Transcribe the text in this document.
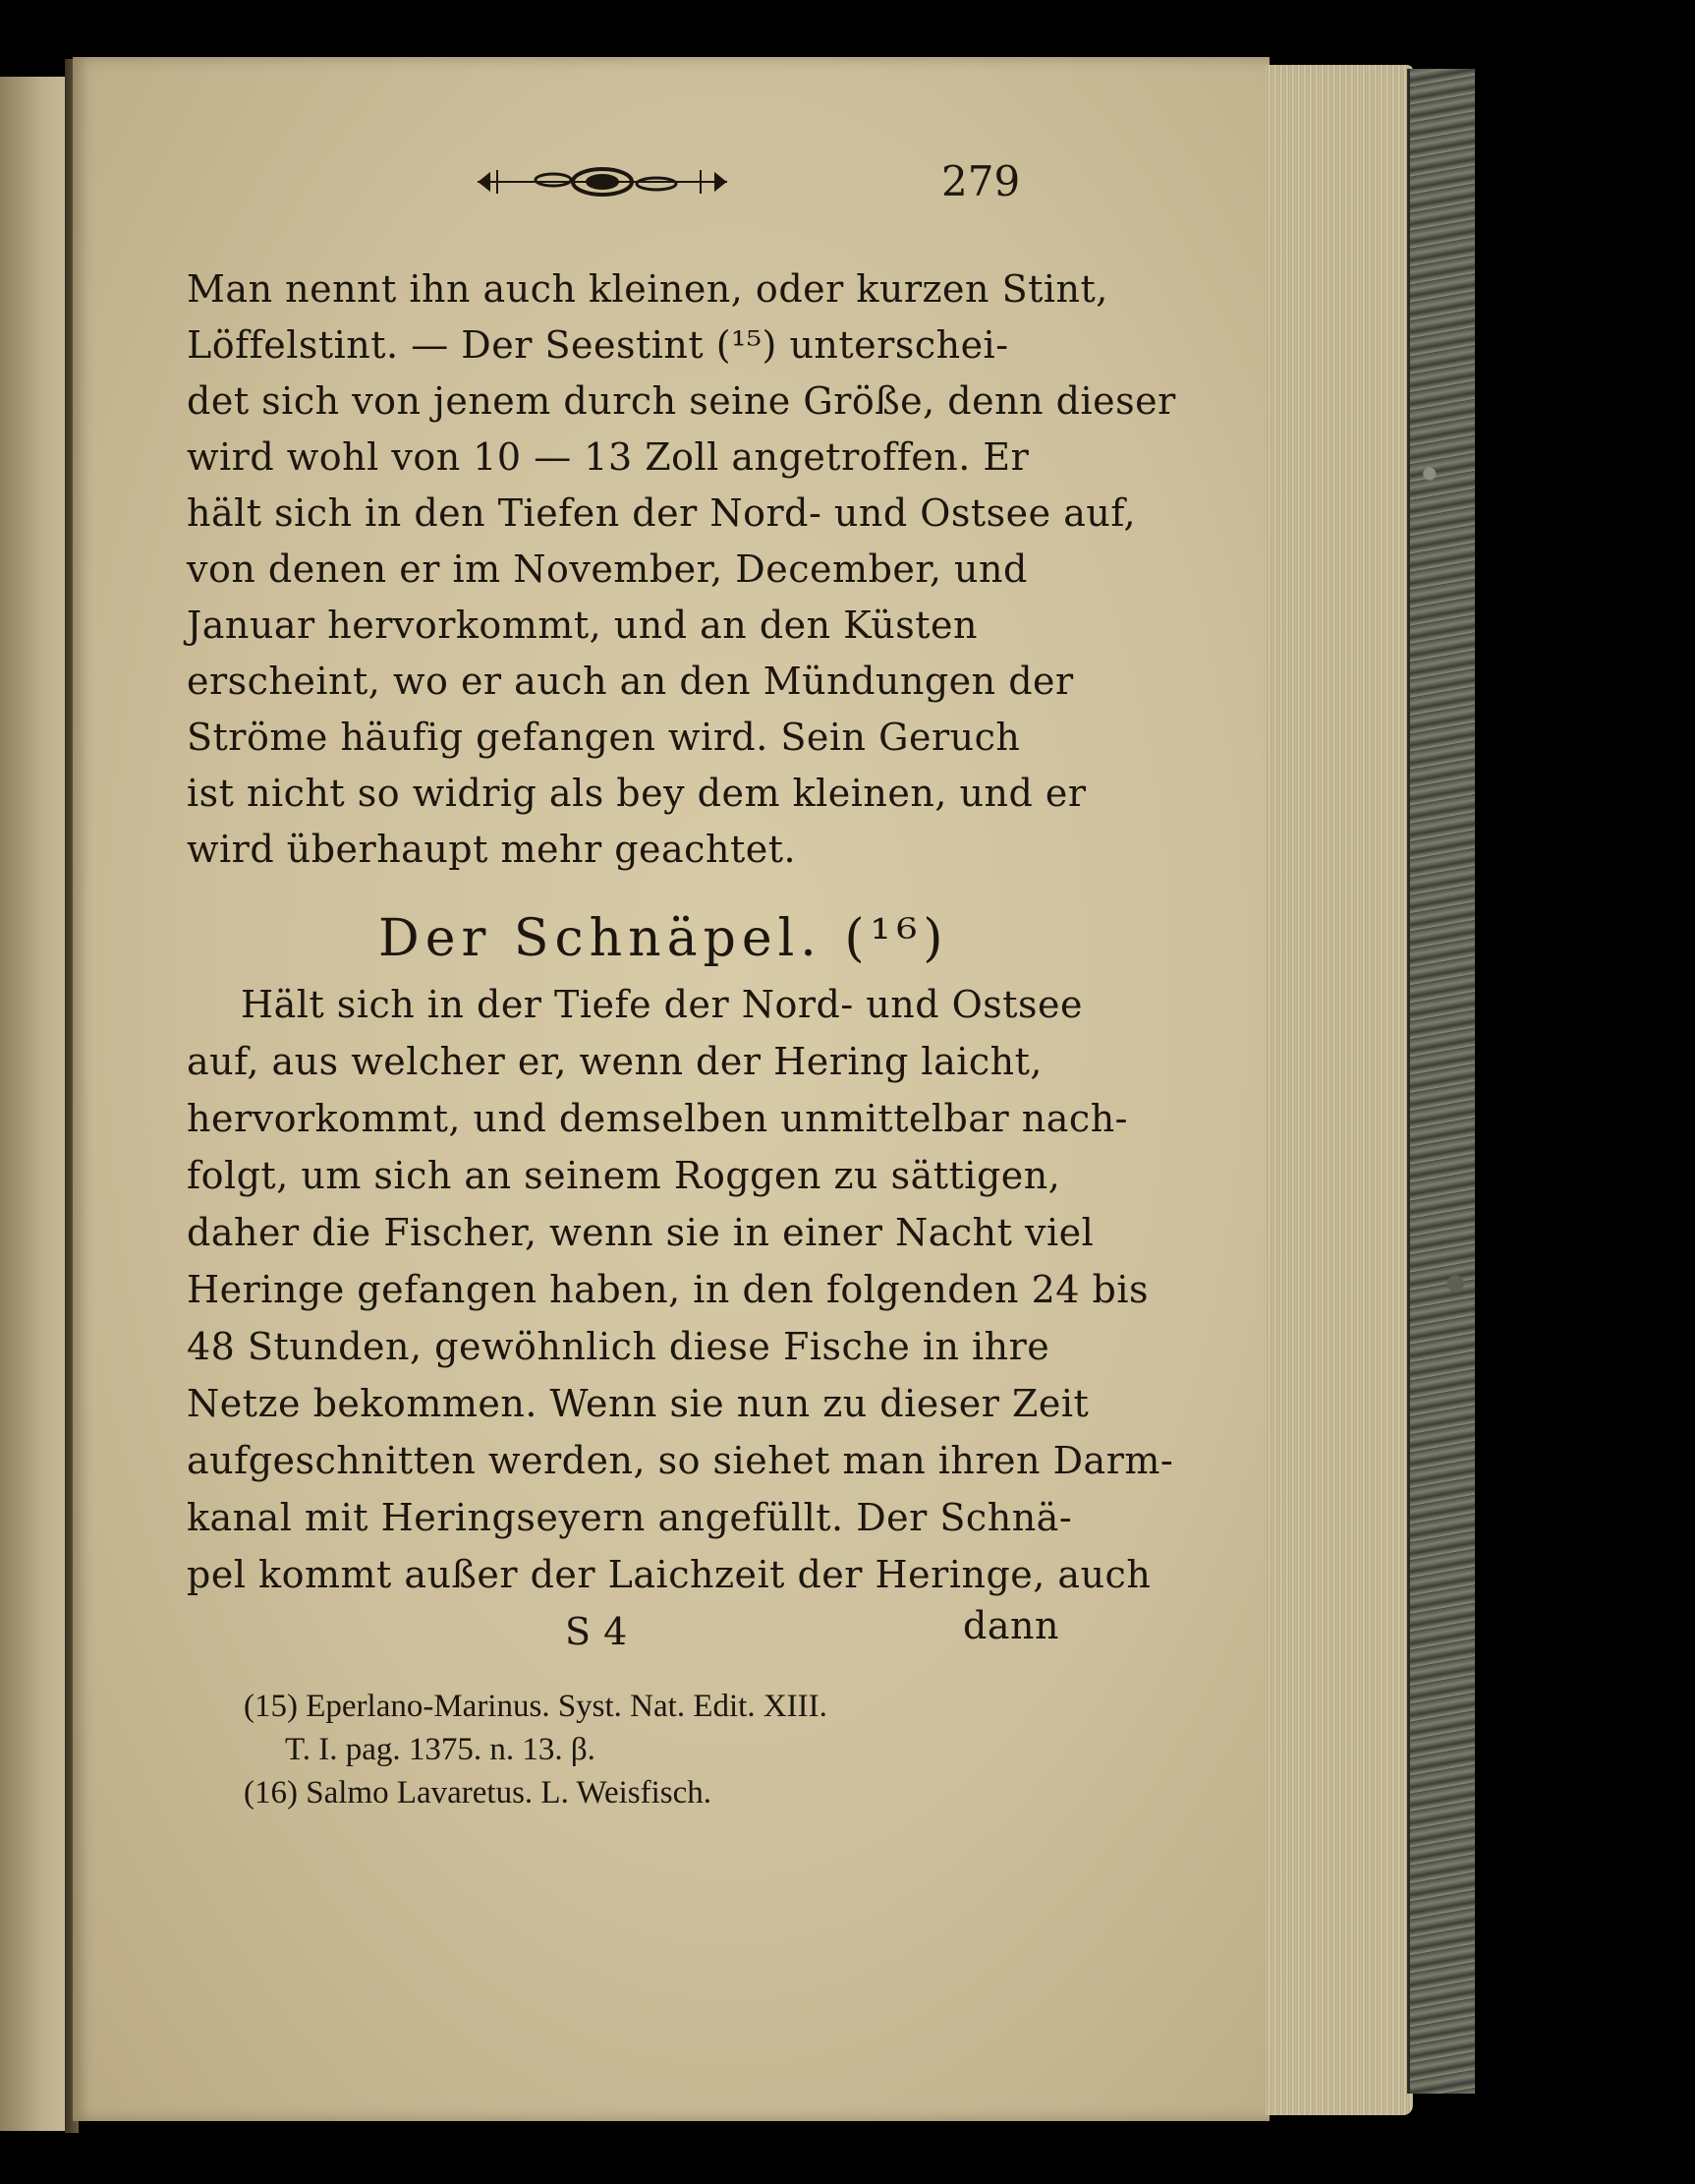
279
Man nennt ihn auch kleinen, oder kurzen Stint,
Löffelstint. — Der Seestint (¹⁵) unterschei-
det sich von jenem durch seine Größe, denn dieser
wird wohl von 10 — 13 Zoll angetroffen. Er
hält sich in den Tiefen der Nord- und Ostsee auf,
von denen er im November, December, und
Januar hervorkommt, und an den Küsten
erscheint, wo er auch an den Mündungen der
Ströme häufig gefangen wird. Sein Geruch
ist nicht so widrig als bey dem kleinen, und er
wird überhaupt mehr geachtet.
Der Schnäpel. (¹⁶)
Hält sich in der Tiefe der Nord- und Ostsee
auf, aus welcher er, wenn der Hering laicht,
hervorkommt, und demselben unmittelbar nach-
folgt, um sich an seinem Roggen zu sättigen,
daher die Fischer, wenn sie in einer Nacht viel
Heringe gefangen haben, in den folgenden 24 bis
48 Stunden, gewöhnlich diese Fische in ihre
Netze bekommen. Wenn sie nun zu dieser Zeit
aufgeschnitten werden, so siehet man ihren Darm-
kanal mit Heringseyern angefüllt. Der Schnä-
pel kommt außer der Laichzeit der Heringe, auch
S 4	dann
(15) Eperlano-Marinus. Syst. Nat. Edit. XIII.
T. I. pag. 1375. n. 13. β.
(16) Salmo Lavaretus. L. Weisfisch.
